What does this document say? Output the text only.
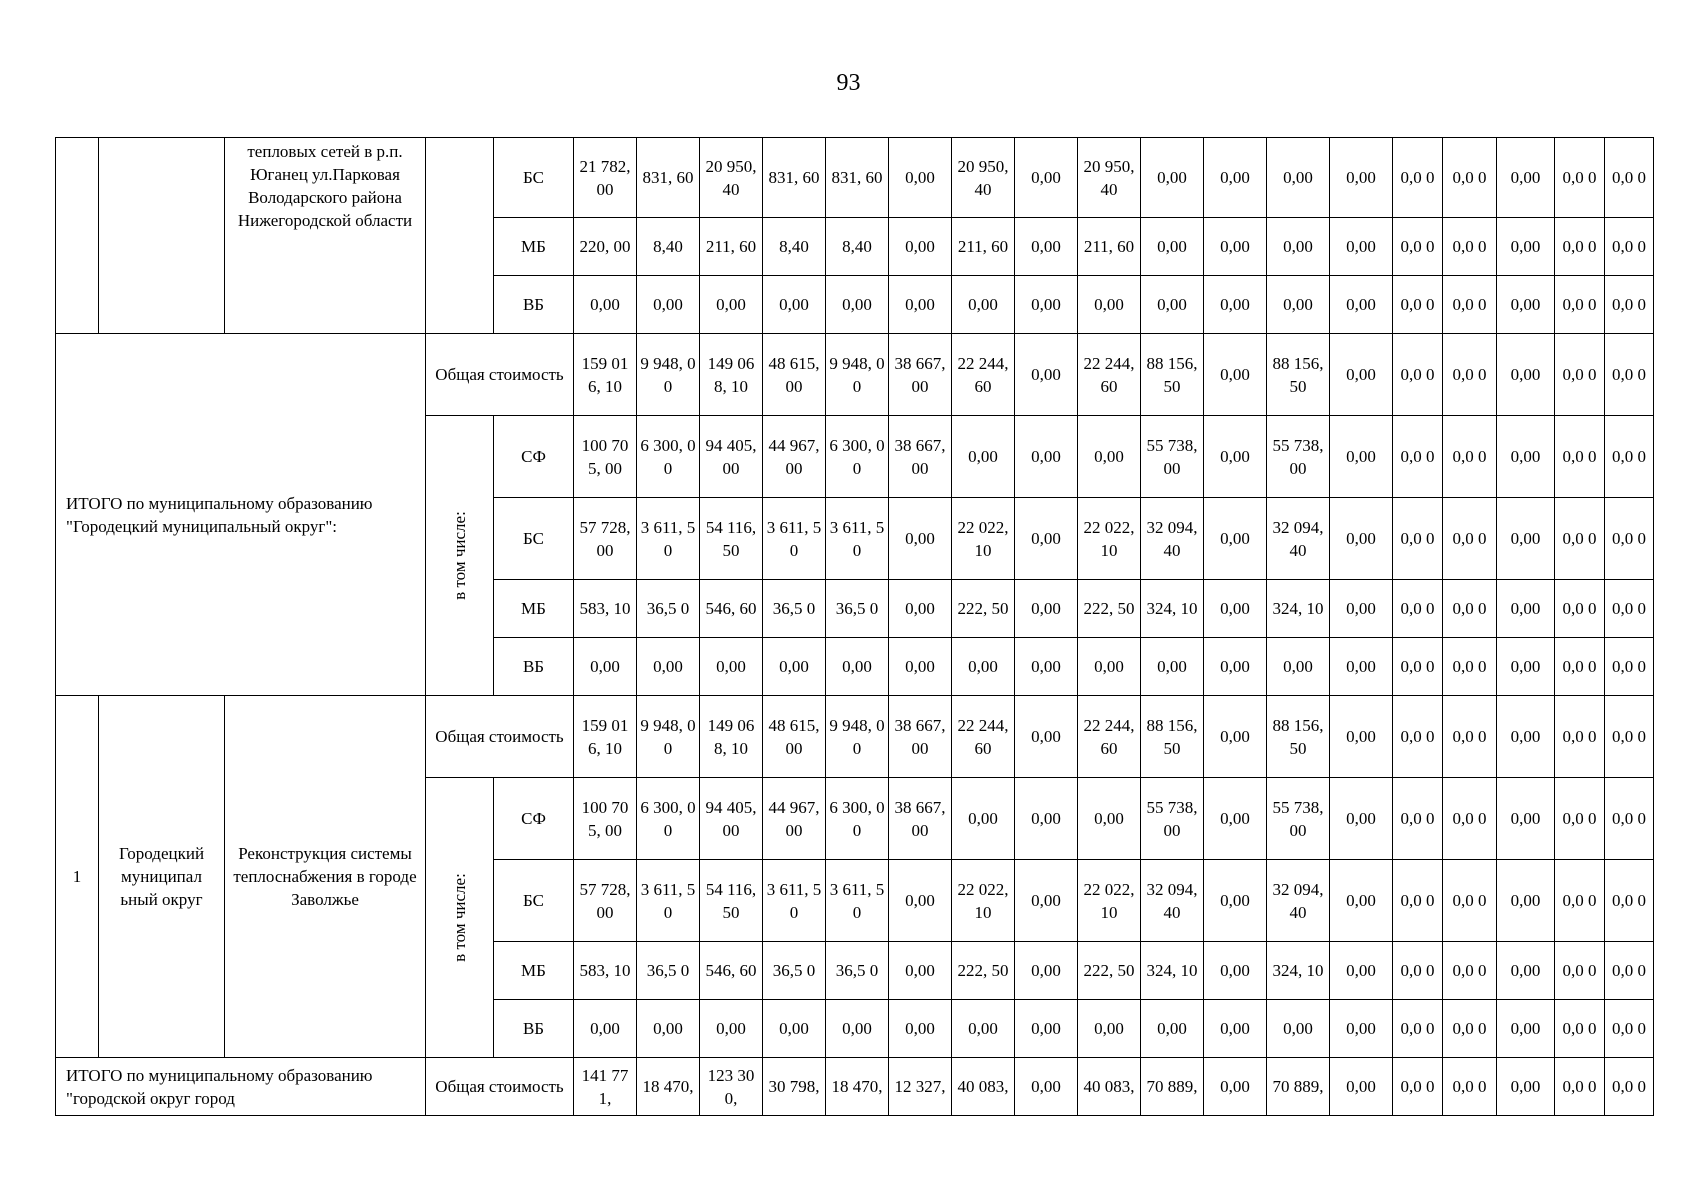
93
		тепловых сетей в р.п. Юганец ул.Парковая Володарского района Нижегородской области		БС	21 782, 00	831, 60	20 950, 40	831, 60	831, 60	0,00	20 950, 40	0,00	20 950, 40	0,00	0,00	0,00	0,00	0,0 0	0,0 0	0,00	0,0 0	0,0 0
				МБ	220, 00	8,40	211, 60	8,40	8,40	0,00	211, 60	0,00	211, 60	0,00	0,00	0,00	0,00	0,0 0	0,0 0	0,00	0,0 0	0,0 0
				ВБ	0,00	0,00	0,00	0,00	0,00	0,00	0,00	0,00	0,00	0,00	0,00	0,00	0,00	0,0 0	0,0 0	0,00	0,0 0	0,0 0
ИТОГО по муниципальному образованию "Городецкий муниципальный округ":			Общая стоимость		159 016, 10	9 948, 00	149 068, 10	48 615, 00	9 948, 00	38 667, 00	22 244, 60	0,00	22 244, 60	88 156, 50	0,00	88 156, 50	0,00	0,0 0	0,0 0	0,00	0,0 0	0,0 0

			в том числе:	СФ	100 705, 00	6 300, 00	94 405, 00	44 967, 00	6 300, 00	38 667, 00	0,00	0,00	0,00	55 738, 00	0,00	55 738, 00	0,00	0,0 0	0,0 0	0,00	0,0 0	0,0 0
				БС	57 728, 00	3 611, 50	54 116, 50	3 611, 50	3 611, 50	0,00	22 022, 10	0,00	22 022, 10	32 094, 40	0,00	32 094, 40	0,00	0,0 0	0,0 0	0,00	0,0 0	0,0 0
				МБ	583, 10	36,5 0	546, 60	36,5 0	36,5 0	0,00	222, 50	0,00	222, 50	324, 10	0,00	324, 10	0,00	0,0 0	0,0 0	0,00	0,0 0	0,0 0
				ВБ	0,00	0,00	0,00	0,00	0,00	0,00	0,00	0,00	0,00	0,00	0,00	0,00	0,00	0,0 0	0,0 0	0,00	0,0 0	0,0 0
1	Городецкий муниципал ьный округ	Реконструкция системы теплоснабжения в городе Заволжье	Общая стоимость		159 016, 10	9 948, 00	149 068, 10	48 615, 00	9 948, 00	38 667, 00	22 244, 60	0,00	22 244, 60	88 156, 50	0,00	88 156, 50	0,00	0,0 0	0,0 0	0,00	0,0 0	0,0 0

			в том числе:	СФ	100 705, 00	6 300, 00	94 405, 00	44 967, 00	6 300, 00	38 667, 00	0,00	0,00	0,00	55 738, 00	0,00	55 738, 00	0,00	0,0 0	0,0 0	0,00	0,0 0	0,0 0
				БС	57 728, 00	3 611, 50	54 116, 50	3 611, 50	3 611, 50	0,00	22 022, 10	0,00	22 022, 10	32 094, 40	0,00	32 094, 40	0,00	0,0 0	0,0 0	0,00	0,0 0	0,0 0
				МБ	583, 10	36,5 0	546, 60	36,5 0	36,5 0	0,00	222, 50	0,00	222, 50	324, 10	0,00	324, 10	0,00	0,0 0	0,0 0	0,00	0,0 0	0,0 0
				ВБ	0,00	0,00	0,00	0,00	0,00	0,00	0,00	0,00	0,00	0,00	0,00	0,00	0,00	0,0 0	0,0 0	0,00	0,0 0	0,0 0
ИТОГО по муниципальному образованию "городской округ город			Общая стоимость		141 771,	18 470,	123 300,	30 798,	18 470,	12 327,	40 083,	0,00	40 083,	70 889,	0,00	70 889,	0,00	0,0 0	0,0 0	0,00	0,0 0	0,0 0
